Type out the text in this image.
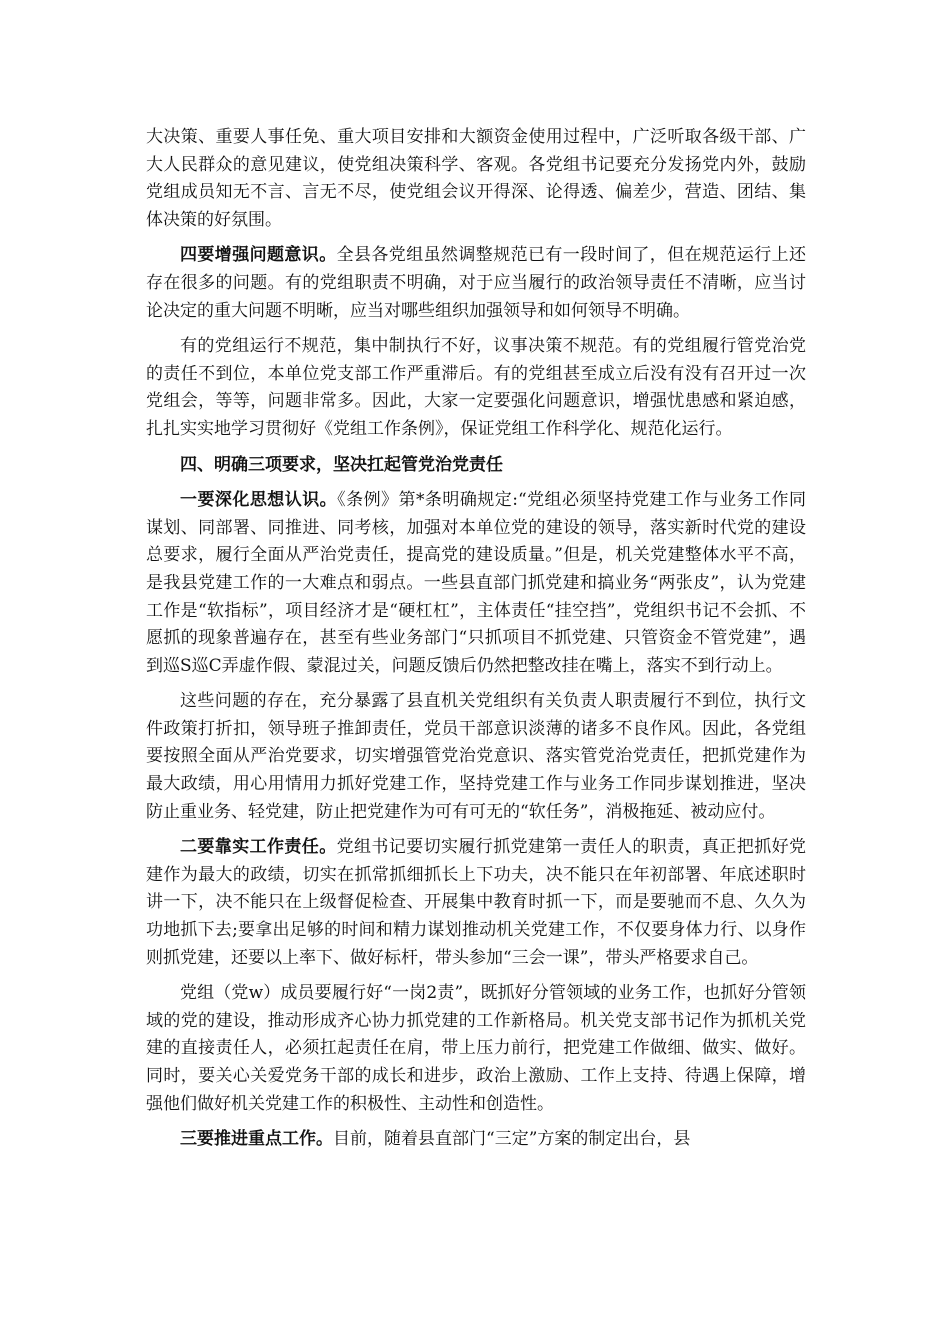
大决策、重要人事任免、重大项目安排和大额资金使用过程中，广泛听取各级干部、广大人民群众的意见建议，使党组决策科学、客观。各党组书记要充分发扬党内外，鼓励党组成员知无不言、言无不尽，使党组会议开得深、论得透、偏差少，营造、团结、集体决策的好氛围。

四要增强问题意识。全县各党组虽然调整规范已有一段时间了，但在规范运行上还存在很多的问题。有的党组职责不明确，对于应当履行的政治领导责任不清晰，应当讨论决定的重大问题不明晰，应当对哪些组织加强领导和如何领导不明确。

有的党组运行不规范，集中制执行不好，议事决策不规范。有的党组履行管党治党的责任不到位，本单位党支部工作严重滞后。有的党组甚至成立后没有没有召开过一次党组会，等等，问题非常多。因此，大家一定要强化问题意识，增强忧患感和紧迫感，扎扎实实地学习贯彻好《党组工作条例》，保证党组工作科学化、规范化运行。

四、明确三项要求，坚决扛起管党治党责任

一要深化思想认识。《条例》第*条明确规定:“党组必须坚持党建工作与业务工作同谋划、同部署、同推进、同考核，加强对本单位党的建设的领导，落实新时代党的建设总要求，履行全面从严治党责任，提高党的建设质量。”但是，机关党建整体水平不高，是我县党建工作的一大难点和弱点。一些县直部门抓党建和搞业务“两张皮”，认为党建工作是“软指标”，项目经济才是“硬杠杠”，主体责任“挂空挡”，党组织书记不会抓、不愿抓的现象普遍存在，甚至有些业务部门“只抓项目不抓党建、只管资金不管党建”，遇到巡S巡C弄虚作假、蒙混过关，问题反馈后仍然把整改挂在嘴上，落实不到行动上。

这些问题的存在，充分暴露了县直机关党组织有关负责人职责履行不到位，执行文件政策打折扣，领导班子推卸责任，党员干部意识淡薄的诸多不良作风。因此，各党组要按照全面从严治党要求，切实增强管党治党意识、落实管党治党责任，把抓党建作为最大政绩，用心用情用力抓好党建工作，坚持党建工作与业务工作同步谋划推进，坚决防止重业务、轻党建，防止把党建作为可有可无的“软任务”，消极拖延、被动应付。

二要靠实工作责任。党组书记要切实履行抓党建第一责任人的职责，真正把抓好党建作为最大的政绩，切实在抓常抓细抓长上下功夫，决不能只在年初部署、年底述职时讲一下，决不能只在上级督促检查、开展集中教育时抓一下，而是要驰而不息、久久为功地抓下去;要拿出足够的时间和精力谋划推动机关党建工作，不仅要身体力行、以身作则抓党建，还要以上率下、做好标杆，带头参加“三会一课”，带头严格要求自己。

党组（党w）成员要履行好“一岗2责”，既抓好分管领域的业务工作，也抓好分管领域的党的建设，推动形成齐心协力抓党建的工作新格局。机关党支部书记作为抓机关党建的直接责任人，必须扛起责任在肩，带上压力前行，把党建工作做细、做实、做好。同时，要关心关爱党务干部的成长和进步，政治上激励、工作上支持、待遇上保障，增强他们做好机关党建工作的积极性、主动性和创造性。

三要推进重点工作。目前，随着县直部门“三定”方案的制定出台，县
